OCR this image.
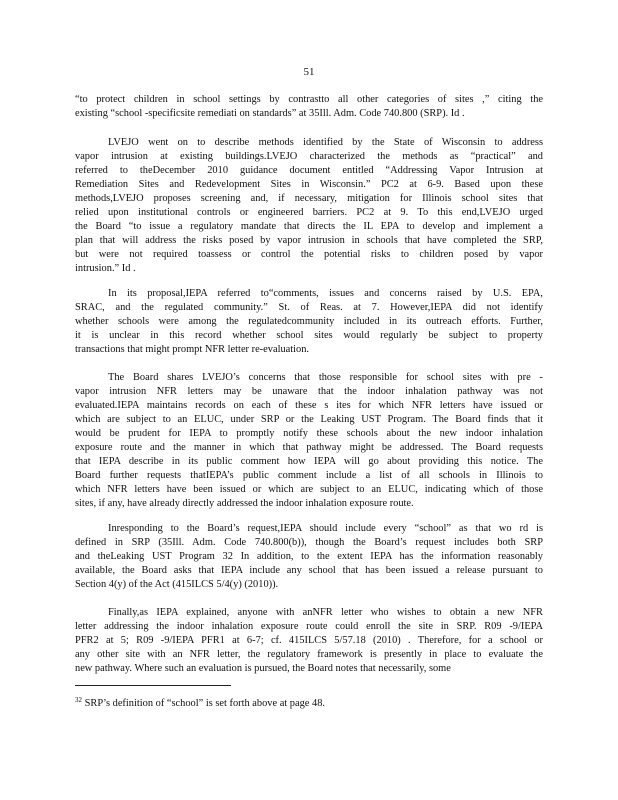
51
“to protect children in school settings by contrastto all other categories of sites ,” citing the
existing “school -specificsite remediati on standards” at 35Ill. Adm. Code 740.800 (SRP). Id .
LVEJO went on to describe methods identified by the State of Wisconsin to address
vapor intrusion at existing buildings.LVEJO characterized the methods as “practical” and
referred to theDecember 2010 guidance document entitled “Addressing Vapor Intrusion at
Remediation Sites and Redevelopment Sites in Wisconsin.” PC2 at 6-9. Based upon these
methods,LVEJO proposes screening and, if necessary, mitigation for Illinois school sites that
relied upon institutional controls or engineered barriers. PC2 at 9. To this end,LVEJO urged
the Board “to issue a regulatory mandate that directs the IL EPA to develop and implement a
plan that will address the risks posed by vapor intrusion in schools that have completed the SRP,
but were not required toassess or control the potential risks to children posed by vapor
intrusion.” Id .
In its proposal,IEPA referred to“comments, issues and concerns raised by U.S. EPA,
SRAC, and the regulated community.” St. of Reas. at 7. However,IEPA did not identify
whether schools were among the regulatedcommunity included in its outreach efforts. Further,
it is unclear in this record whether school sites would regularly be subject to property
transactions that might prompt NFR letter re-evaluation.
The Board shares LVEJO’s concerns that those responsible for school sites with pre -
vapor intrusion NFR letters may be unaware that the indoor inhalation pathway was not
evaluated.IEPA maintains records on each of these s ites for which NFR letters have issued or
which are subject to an ELUC, under SRP or the Leaking UST Program. The Board finds that it
would be prudent for IEPA to promptly notify these schools about the new indoor inhalation
exposure route and the manner in which that pathway might be addressed. The Board requests
that IEPA describe in its public comment how IEPA will go about providing this notice. The
Board further requests thatIEPA’s public comment include a list of all schools in Illinois to
which NFR letters have been issued or which are subject to an ELUC, indicating which of those
sites, if any, have already directly addressed the indoor inhalation exposure route.
Inresponding to the Board’s request,IEPA should include every “school” as that wo rd is
defined in SRP (35Ill. Adm. Code 740.800(b)), though the Board’s request includes both SRP
and theLeaking UST Program 32 In addition, to the extent IEPA has the information reasonably
available, the Board asks that IEPA include any school that has been issued a release pursuant to
Section 4(y) of the Act (415ILCS 5/4(y) (2010)).
Finally,as IEPA explained, anyone with anNFR letter who wishes to obtain a new NFR
letter addressing the indoor inhalation exposure route could enroll the site in SRP. R09 -9/IEPA
PFR2 at 5; R09 -9/IEPA PFR1 at 6-7; cf. 415ILCS 5/57.18 (2010) . Therefore, for a school or
any other site with an NFR letter, the regulatory framework is presently in place to evaluate the
new pathway. Where such an evaluation is pursued, the Board notes that necessarily, some
$^{32}$ SRP’s definition of “school” is set forth above at page 48.
